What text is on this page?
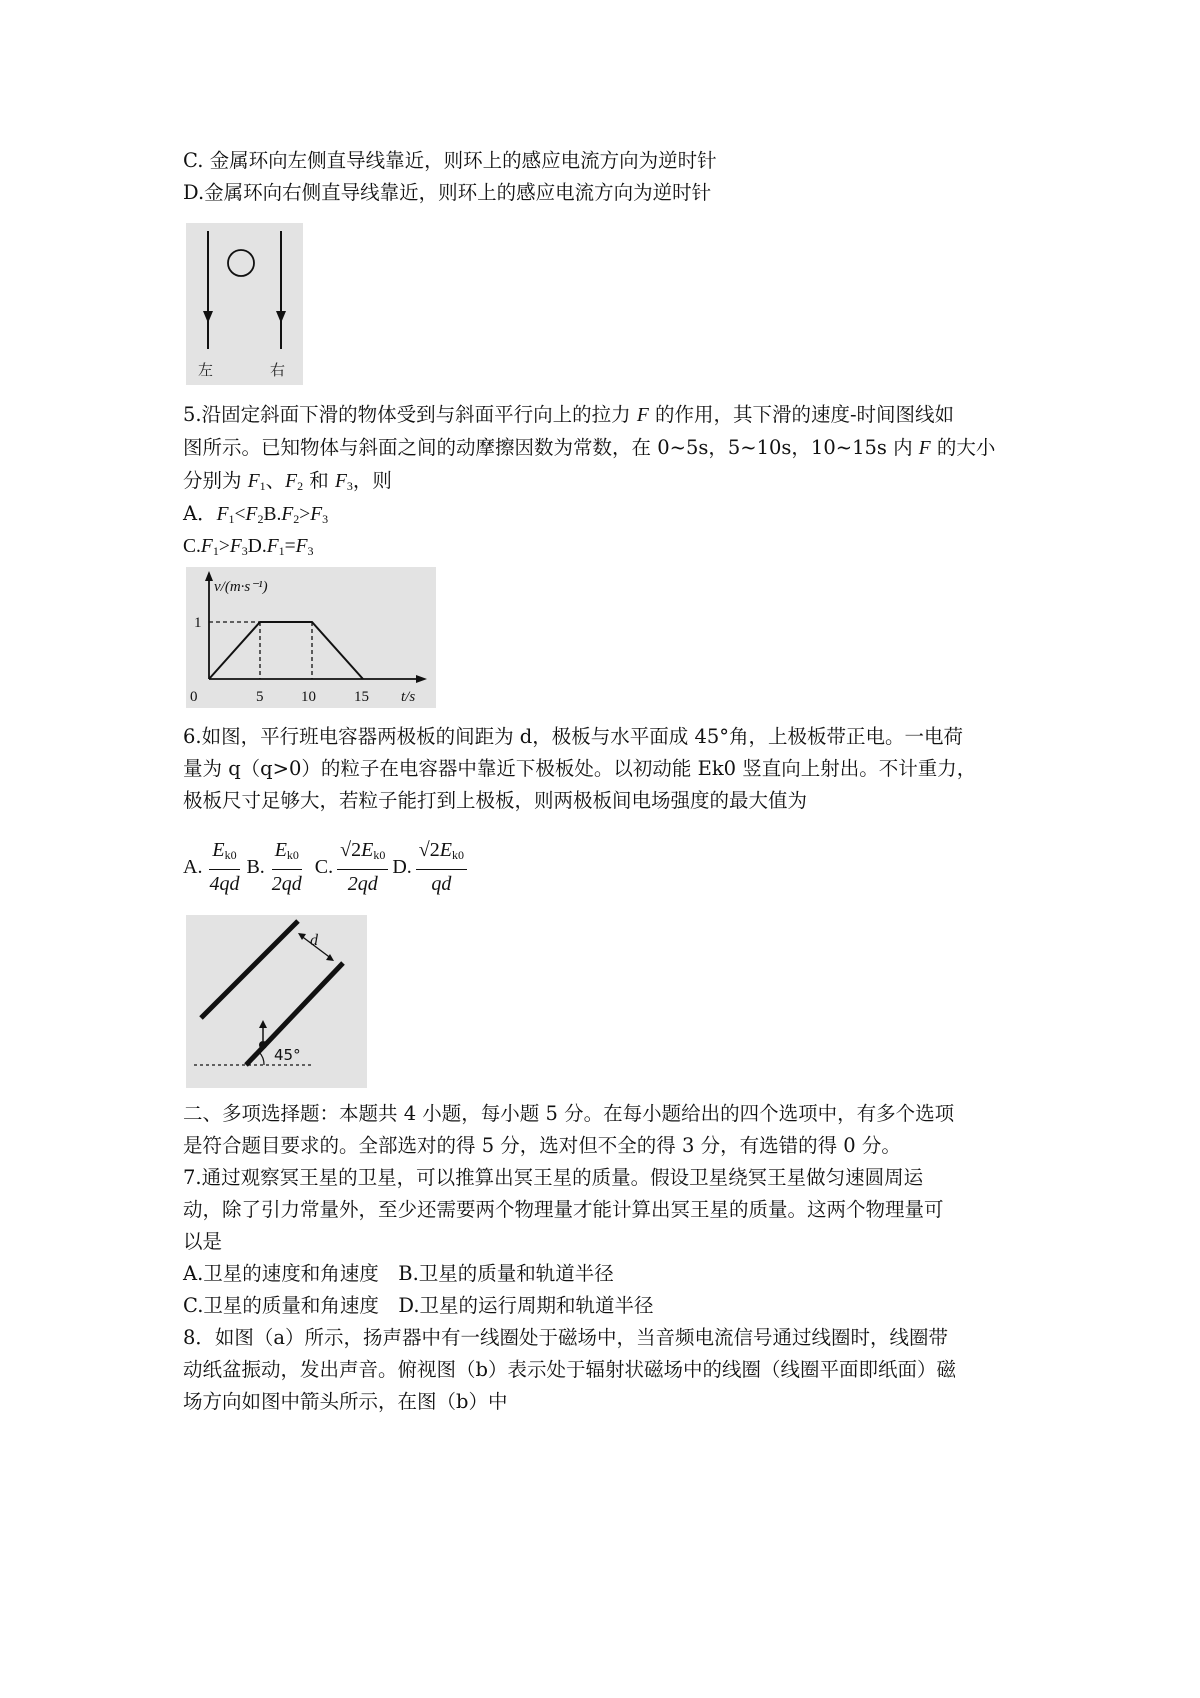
C. 金属环向左侧直导线靠近，则环上的感应电流方向为逆时针
D.金属环向右侧直导线靠近，则环上的感应电流方向为逆时针
左	右
5.沿固定斜面下滑的物体受到与斜面平行向上的拉力 F 的作用，其下滑的速度-时间图线如
图所示。已知物体与斜面之间的动摩擦因数为常数，在 0~5s，5~10s，10~15s 内 F 的大小
分别为 $F_1$、$F_2$ 和 $F_3$，则
A．$F_1<F_2B.F_2>F_3$
$C.F_1>F_3D.F_1=F_3$
v/(m·s⁻¹)
t/s
1
0	5	10	15
6.如图，平行班电容器两极板的间距为 d，极板与水平面成 45°角，上极板带正电。一电荷
量为 q（q>0）的粒子在电容器中靠近下极板处。以初动能 Ek0 竖直向上射出。不计重力，
极板尺寸足够大，若粒子能打到上极板，则两极板间电场强度的最大值为
A. $\frac{E_{k0}}{4qd} B$. $\frac{E_{k0}}{2qd} C$. $\frac{√2E_{k0}}{2qd} D$. $\frac{√2E_{k0}}{qd}$
d
45°
二、多项选择题：本题共 4 小题，每小题 5 分。在每小题给出的四个选项中，有多个选项
是符合题目要求的。全部选对的得 5 分，选对但不全的得 3 分，有选错的得 0 分。
7.通过观察冥王星的卫星，可以推算出冥王星的质量。假设卫星绕冥王星做匀速圆周运
动，除了引力常量外，至少还需要两个物理量才能计算出冥王星的质量。这两个物理量可
以是
A.卫星的速度和角速度　B.卫星的质量和轨道半径
C.卫星的质量和角速度　D.卫星的运行周期和轨道半径
8．如图（a）所示，扬声器中有一线圈处于磁场中，当音频电流信号通过线圈时，线圈带
动纸盆振动，发出声音。俯视图（b）表示处于辐射状磁场中的线圈（线圈平面即纸面）磁
场方向如图中箭头所示，在图（b）中
